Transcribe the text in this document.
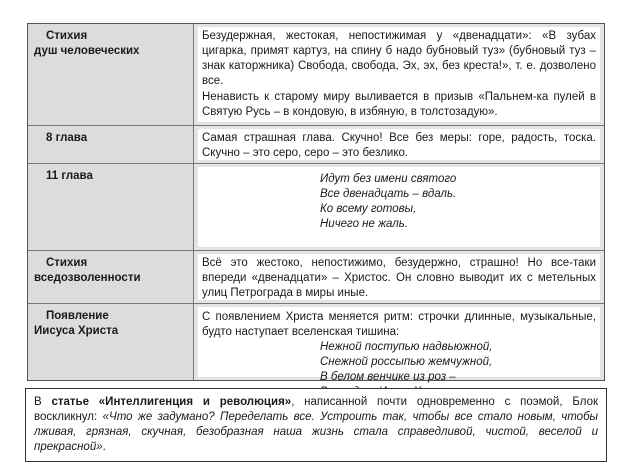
Стихия
душ человеческих

Безудержная, жестокая, непостижимая у «двенадцати»: «В зубах цигарка, примят картуз, на спину б надо бубновый туз» (бубновый туз – знак каторжника) Свобода, свобода, Эх, эх, без креста!», т. е. дозволено все.

Ненависть к старому миру выливается в призыв «Пальнем-ка пулей в Святую Русь – в кондовую, в избяную, в толстозадую».

8 глава	Самая страшная глава. Скучно! Все без меры: горе, радость, тоска. Скучно – это серо, серо – это безлико.

11 глава	Идут без имени святого
Все двенадцать – вдаль.
Ко всему готовы,
Ничего не жаль.
Стихия
вседозволенности

Всё это жестоко, непостижимо, безудержно, страшно! Но все-таки впереди «двенадцати» – Христос. Он словно выводит их с метельных улиц Петрограда в миры иные.

Появление
Иисуса Христа

С появлением Христа меняется ритм: строчки длинные, музыкальные, будто наступает вселенская тишина:

Нежной поступью надвьюжной,
Снежной россыпью жемчужной,
В белом венчике из роз –
В статье «Интеллигенция и революция», написанной почти одновременно с поэмой, Блок воскликнул: «Что же задумано? Переделать все. Устроить так, чтобы все стало новым, чтобы лживая, грязная, скучная, безобразная наша жизнь стала справедливой, чистой, веселой и прекрасной».
